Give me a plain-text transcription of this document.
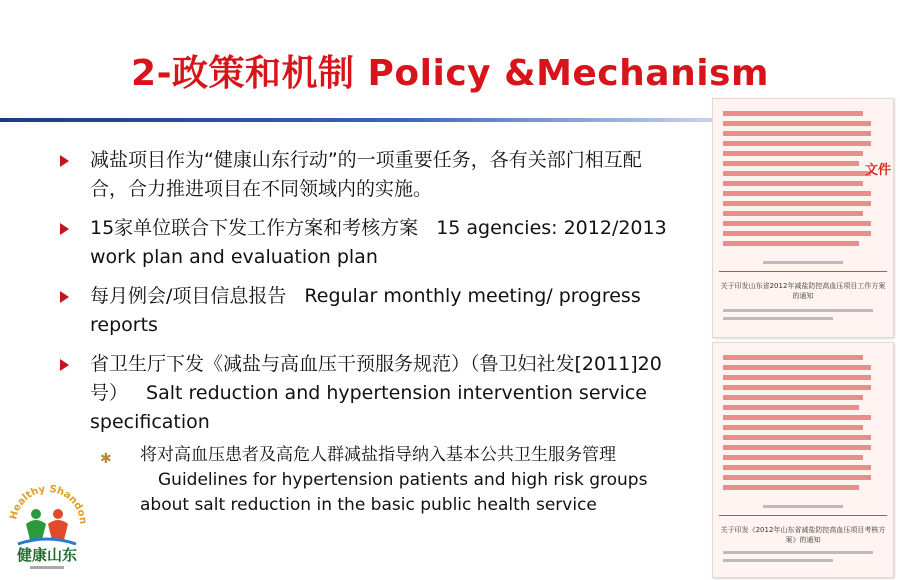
2-政策和机制 Policy &Mechanism
减盐项目作为“健康山东行动”的一项重要任务，各有关部门相互配合，合力推进项目在不同领域内的实施。
15家单位联合下发工作方案和考核方案 15 agencies: 2012/2013 work plan and evaluation plan
每月例会/项目信息报告 Regular monthly meeting/ progress reports
省卫生厅下发《减盐与高血压干预服务规范）（鲁卫妇社发[2011]20号） Salt reduction and hypertension intervention service specification
✱ 将对高血压患者及高危人群减盐指导纳入基本公共卫生服务管理Guidelines for hypertension patients and high risk groups about salt reduction in the basic public health service
Healthy Shando
健康山东
文件
关于印发山东省2012年减盐防控高血压项目工作方案的通知
关于印发《2012年山东省减盐防控高血压项目考核方案》的通知
